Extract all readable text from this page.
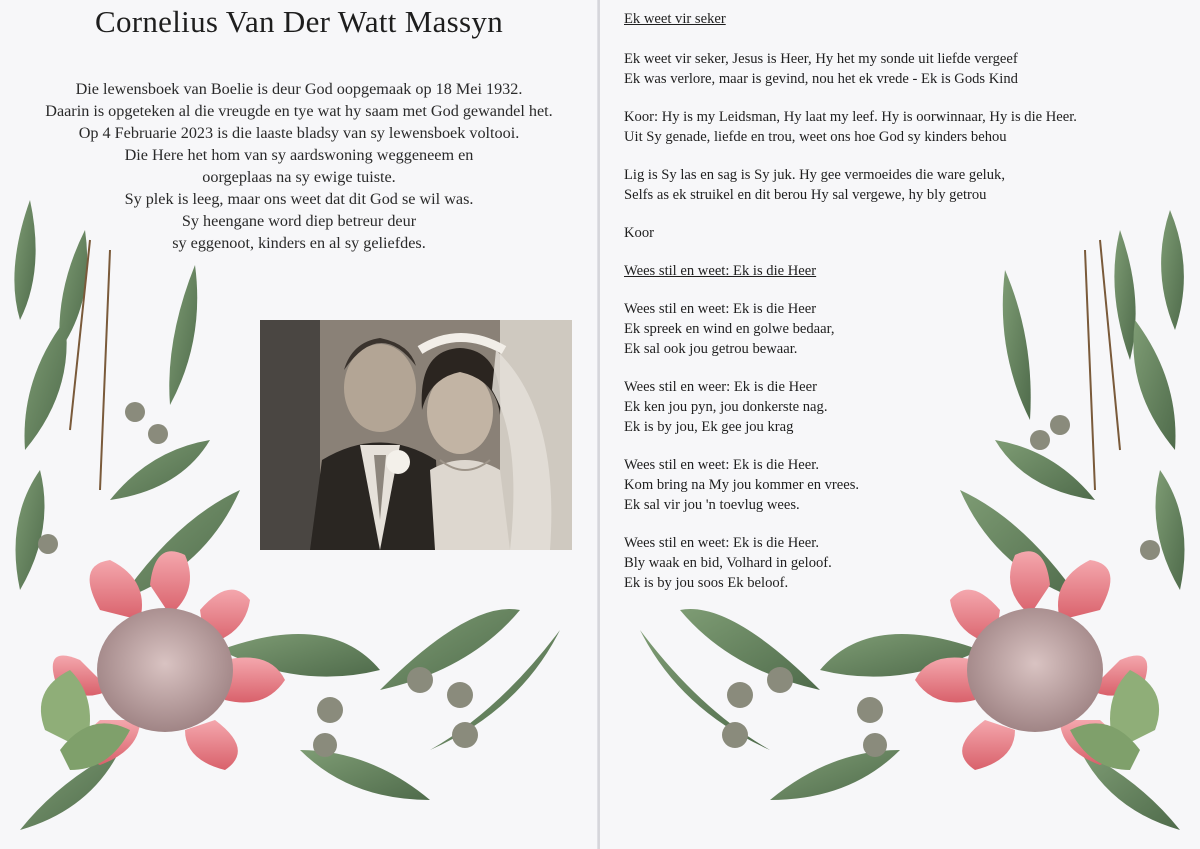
Cornelius Van Der Watt Massyn
Die lewensboek van Boelie is deur God oopgemaak op 18 Mei 1932.
Daarin is opgeteken al die vreugde en tye wat hy saam met God gewandel het.
Op 4 Februarie 2023 is die laaste bladsy van sy lewensboek voltooi.
Die Here het hom van sy aardswoning weggeneem en
oorgeplaas na sy ewige tuiste.
Sy plek is leeg, maar ons weet dat dit God se wil was.
Sy heengane word diep betreur deur
sy eggenoot, kinders en al sy geliefdes.
Ek weet vir seker
Ek weet vir seker, Jesus is Heer, Hy het my sonde uit liefde vergeef
Ek was verlore, maar is gevind, nou het ek vrede - Ek is Gods Kind
Koor: Hy is my Leidsman, Hy laat my leef. Hy is oorwinnaar, Hy is die Heer.
Uit Sy genade, liefde en trou, weet ons hoe God sy kinders behou
Lig is Sy las en sag is Sy juk. Hy gee vermoeides die ware geluk,
Selfs as ek struikel en dit berou Hy sal vergewe, hy bly getrou
Koor
Wees stil en weet: Ek is die Heer
Wees stil en weet: Ek is die Heer
Ek spreek en wind en golwe bedaar,
Ek sal ook jou getrou bewaar.
Wees stil en weer: Ek is die Heer
Ek ken jou pyn, jou donkerste nag.
Ek is by jou, Ek gee jou krag
Wees stil en weet: Ek is die Heer.
Kom bring na My jou kommer en vrees.
Ek sal vir jou 'n toevlug wees.
Wees stil en weet: Ek is die Heer.
Bly waak en bid, Volhard in geloof.
Ek is by jou soos Ek beloof.
